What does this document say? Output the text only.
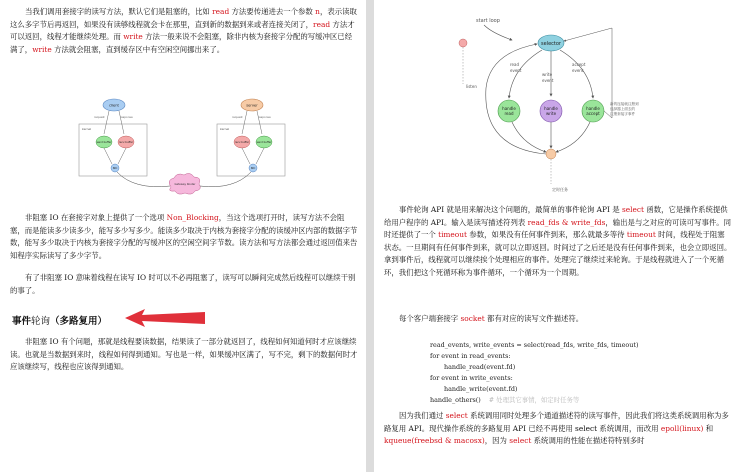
当我们调用套接字的读写方法，默认它们是阻塞的，比如 read 方法要传递进去一个参数 n，表示读取这么多字节后再返回，如果没有读够线程就会卡在那里，直到新的数据到来或者连接关闭了，read 方法才可以返回，线程才能继续处理。而 write 方法一般来说不会阻塞，除非内核为套接字分配的写缓冲区已经满了，write 方法就会阻塞，直到缓存区中有空闲空间挪出来了。
client
kernel
request	response
send buffer	recv buffer
NIC
server
kernel
request	response
recv buffer	send buffer
NIC
Gateway Router
非阻塞 IO 在套接字对象上提供了一个选项 Non_Blocking，当这个选项打开时，读写方法不会阻塞，而是能读多少读多少，能写多少写多少。能读多少取决于内核为套接字分配的读缓冲区内部的数据字节数，能写多少取决于内核为套接字分配的写缓冲区的空闲空间字节数。读方法和写方法都会通过返回值来告知程序实际读写了多少字节。
有了非阻塞 IO 意味着线程在读写 IO 时可以不必再阻塞了，读写可以瞬间完成然后线程可以继续干别的事了。
事件轮询（多路复用）
非阻塞 IO 有个问题，那就是线程要读数据，结果读了一部分就返回了，线程如何知道何时才应该继续读。也就是当数据到来时，线程如何得到通知。写也是一样，如果缓冲区满了，写不完，剩下的数据何时才应该继续写，线程也应该得到通知。
start loop
listen
selector
read
event
write
event
accept
event
handle
read
handle
write
handle
accept
新的连接就注册到
选择器上面去的
注册套接字事件
定时任务
事件轮询 API 就是用来解决这个问题的，最简单的事件轮询 API 是 select 函数，它是操作系统提供给用户程序的 API。输入是读写描述符列表 read_fds & write_fds，输出是与之对应的可读可写事件。同时还提供了一个 timeout 参数，如果没有任何事件到来，那么就最多等待 timeout 时间，线程处于阻塞状态。一旦期间有任何事件到来，就可以立即返回。时间过了之后还是没有任何事件到来，也会立即返回。拿到事件后，线程就可以继续挨个处理相应的事件。处理完了继续过来轮询。于是线程就进入了一个死循环，我们把这个死循环称为事件循环，一个循环为一个周期。
每个客户端套接字 socket 都有对应的读写文件描述符。
read_events, write_events = select(read_fds, write_fds, timeout)
for event in read_events:
handle_read(event.fd)
for event in write_events:
handle_write(event.fd)
handle_others() # 处理其它事情，如定时任务等
因为我们通过 select 系统调用同时处理多个通道描述符的读写事件，因此我们将这类系统调用称为多路复用 API。现代操作系统的多路复用 API 已经不再使用 select 系统调用，而改用 epoll(linux) 和 kqueue(freebsd & macosx)，因为 select 系统调用的性能在描述符特别多时
